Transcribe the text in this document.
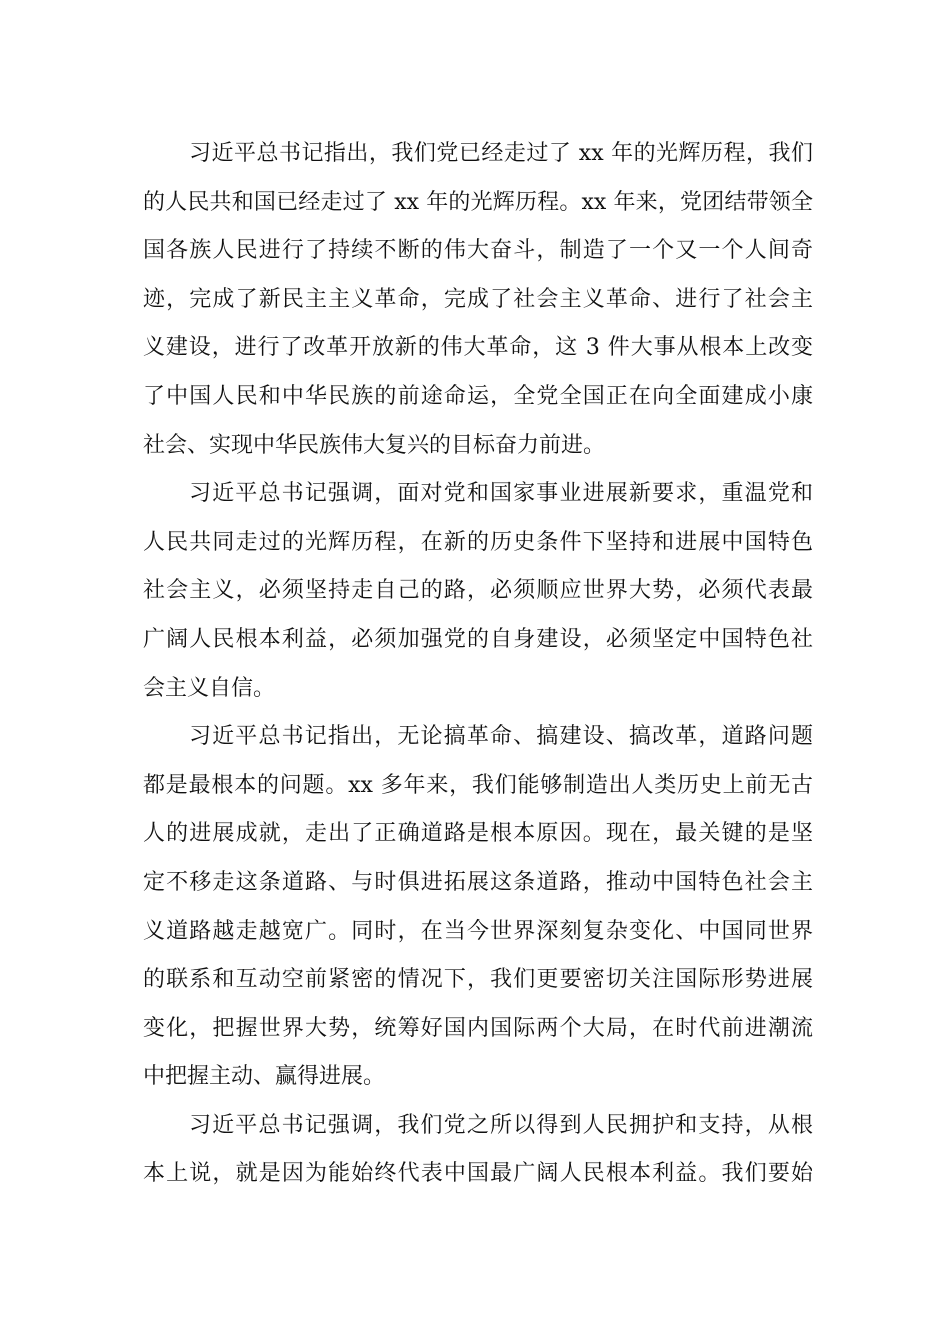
习近平总书记指出，我们党已经走过了 xx 年的光辉历程，我们
的人民共和国已经走过了 xx 年的光辉历程。xx 年来，党团结带领全
国各族人民进行了持续不断的伟大奋斗，制造了一个又一个人间奇
迹，完成了新民主主义革命，完成了社会主义革命、进行了社会主
义建设，进行了改革开放新的伟大革命，这 3 件大事从根本上改变
了中国人民和中华民族的前途命运，全党全国正在向全面建成小康
社会、实现中华民族伟大复兴的目标奋力前进。
习近平总书记强调，面对党和国家事业进展新要求，重温党和
人民共同走过的光辉历程，在新的历史条件下坚持和进展中国特色
社会主义，必须坚持走自己的路，必须顺应世界大势，必须代表最
广阔人民根本利益，必须加强党的自身建设，必须坚定中国特色社
会主义自信。
习近平总书记指出，无论搞革命、搞建设、搞改革，道路问题
都是最根本的问题。xx 多年来，我们能够制造出人类历史上前无古
人的进展成就，走出了正确道路是根本原因。现在，最关键的是坚
定不移走这条道路、与时俱进拓展这条道路，推动中国特色社会主
义道路越走越宽广。同时，在当今世界深刻复杂变化、中国同世界
的联系和互动空前紧密的情况下，我们更要密切关注国际形势进展
变化，把握世界大势，统筹好国内国际两个大局，在时代前进潮流
中把握主动、赢得进展。
习近平总书记强调，我们党之所以得到人民拥护和支持，从根
本上说，就是因为能始终代表中国最广阔人民根本利益。我们要始
